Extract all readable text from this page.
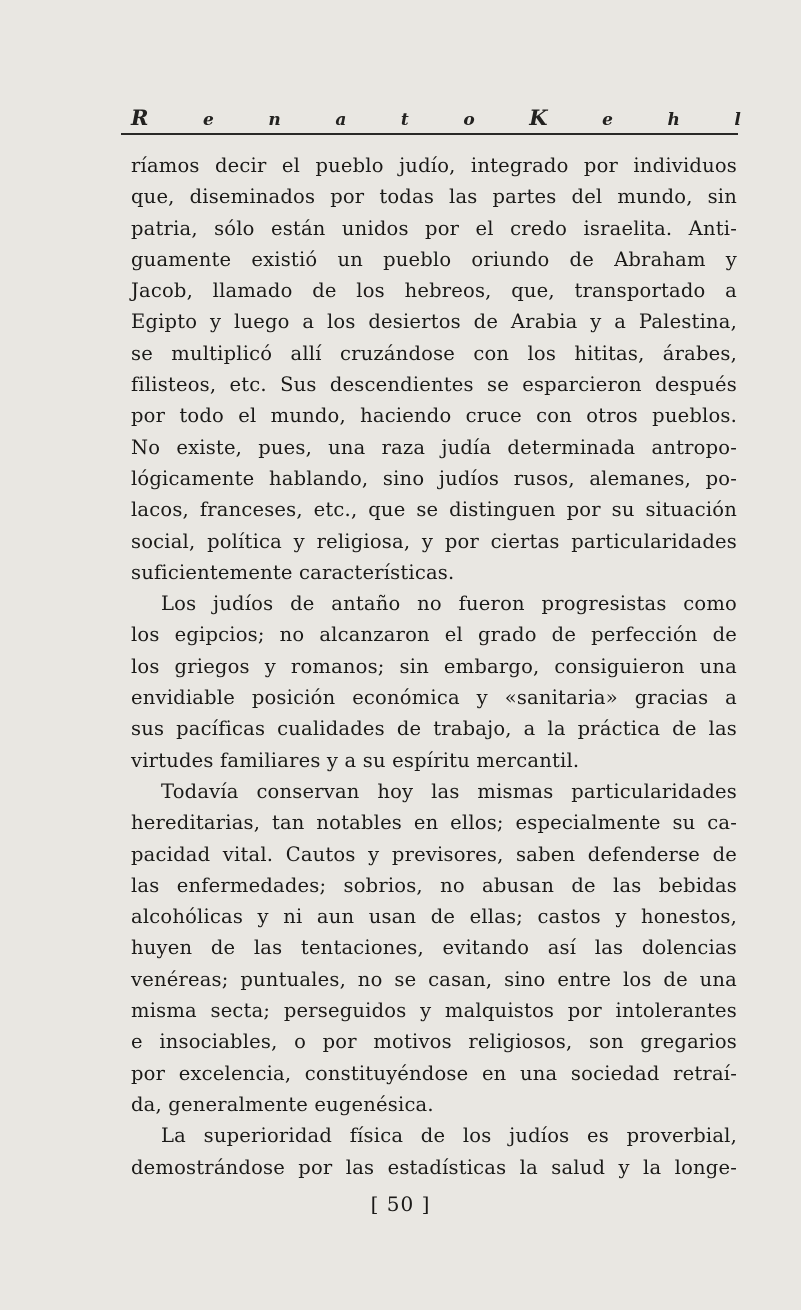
R	e	n	a	t	o	K	e	h	l
ríamos decir el pueblo judío, integrado por individuos
que, diseminados por todas las partes del mundo, sin
patria, sólo están unidos por el credo israelita. Anti-
guamente existió un pueblo oriundo de Abraham y
Jacob, llamado de los hebreos, que, transportado a
Egipto y luego a los desiertos de Arabia y a Palestina,
se multiplicó allí cruzándose con los hititas, árabes,
filisteos, etc. Sus descendientes se esparcieron después
por todo el mundo, haciendo cruce con otros pueblos.
No existe, pues, una raza judía determinada antropo-
lógicamente hablando, sino judíos rusos, alemanes, po-
lacos, franceses, etc., que se distinguen por su situación
social, política y religiosa, y por ciertas particularidades
suficientemente características.
Los judíos de antaño no fueron progresistas como
los egipcios; no alcanzaron el grado de perfección de
los griegos y romanos; sin embargo, consiguieron una
envidiable posición económica y «sanitaria» gracias a
sus pacíficas cualidades de trabajo, a la práctica de las
virtudes familiares y a su espíritu mercantil.
Todavía conservan hoy las mismas particularidades
hereditarias, tan notables en ellos; especialmente su ca-
pacidad vital. Cautos y previsores, saben defenderse de
las enfermedades; sobrios, no abusan de las bebidas
alcohólicas y ni aun usan de ellas; castos y honestos,
huyen de las tentaciones, evitando así las dolencias
venéreas; puntuales, no se casan, sino entre los de una
misma secta; perseguidos y malquistos por intolerantes
e insociables, o por motivos religiosos, son gregarios
por excelencia, constituyéndose en una sociedad retraí-
da, generalmente eugenésica.
La superioridad física de los judíos es proverbial,
demostrándose por las estadísticas la salud y la longe-
[ 50 ]
